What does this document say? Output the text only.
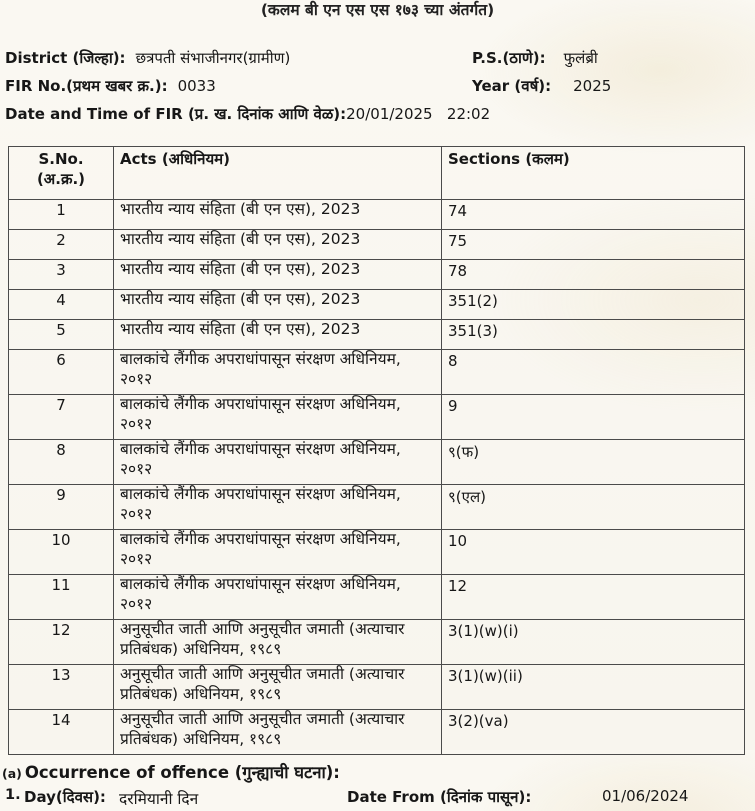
(कलम बी एन एस एस १७३ च्या अंतर्गत)
District (जिल्हा): छत्रपती संभाजीनगर(ग्रामीण)	P.S.(ठाणे): फुलंब्री
FIR No.(प्रथम खबर क्र.): 0033	Year (वर्ष): 2025
Date and Time of FIR (प्र. ख. दिनांक आणि वेळ): 20/01/2025   22:02
S.No.
(अ.क्र.)	Acts (अधिनियम)	Sections (कलम)
1	भारतीय न्याय संहिता (बी एन एस), 2023	74
2	भारतीय न्याय संहिता (बी एन एस), 2023	75
3	भारतीय न्याय संहिता (बी एन एस), 2023	78
4	भारतीय न्याय संहिता (बी एन एस), 2023	351(2)
5	भारतीय न्याय संहिता (बी एन एस), 2023	351(3)
6	बालकांचे लैंगीक अपराधांपासून संरक्षण अधिनियम, २०१२	8
7	बालकांचे लैंगीक अपराधांपासून संरक्षण अधिनियम, २०१२	9
8	बालकांचे लैंगीक अपराधांपासून संरक्षण अधिनियम, २०१२	९(फ)
9	बालकांचे लैंगीक अपराधांपासून संरक्षण अधिनियम, २०१२	९(एल)
10	बालकांचे लैंगीक अपराधांपासून संरक्षण अधिनियम, २०१२	10
11	बालकांचे लैंगीक अपराधांपासून संरक्षण अधिनियम, २०१२	12
12	अनुसूचीत जाती आणि अनुसूचीत जमाती (अत्याचार प्रतिबंधक) अधिनियम, १९८९	3(1)(w)(i)
13	अनुसूचीत जाती आणि अनुसूचीत जमाती (अत्याचार प्रतिबंधक) अधिनियम, १९८९	3(1)(w)(ii)
14	अनुसूचीत जाती आणि अनुसूचीत जमाती (अत्याचार प्रतिबंधक) अधिनियम, १९८९	3(2)(va)
(a) Occurrence of offence (गुन्ह्याची घटना):
1. Day(दिवस): दरमियानी दिन	Date From (दिनांक पासून):	01/06/2024
